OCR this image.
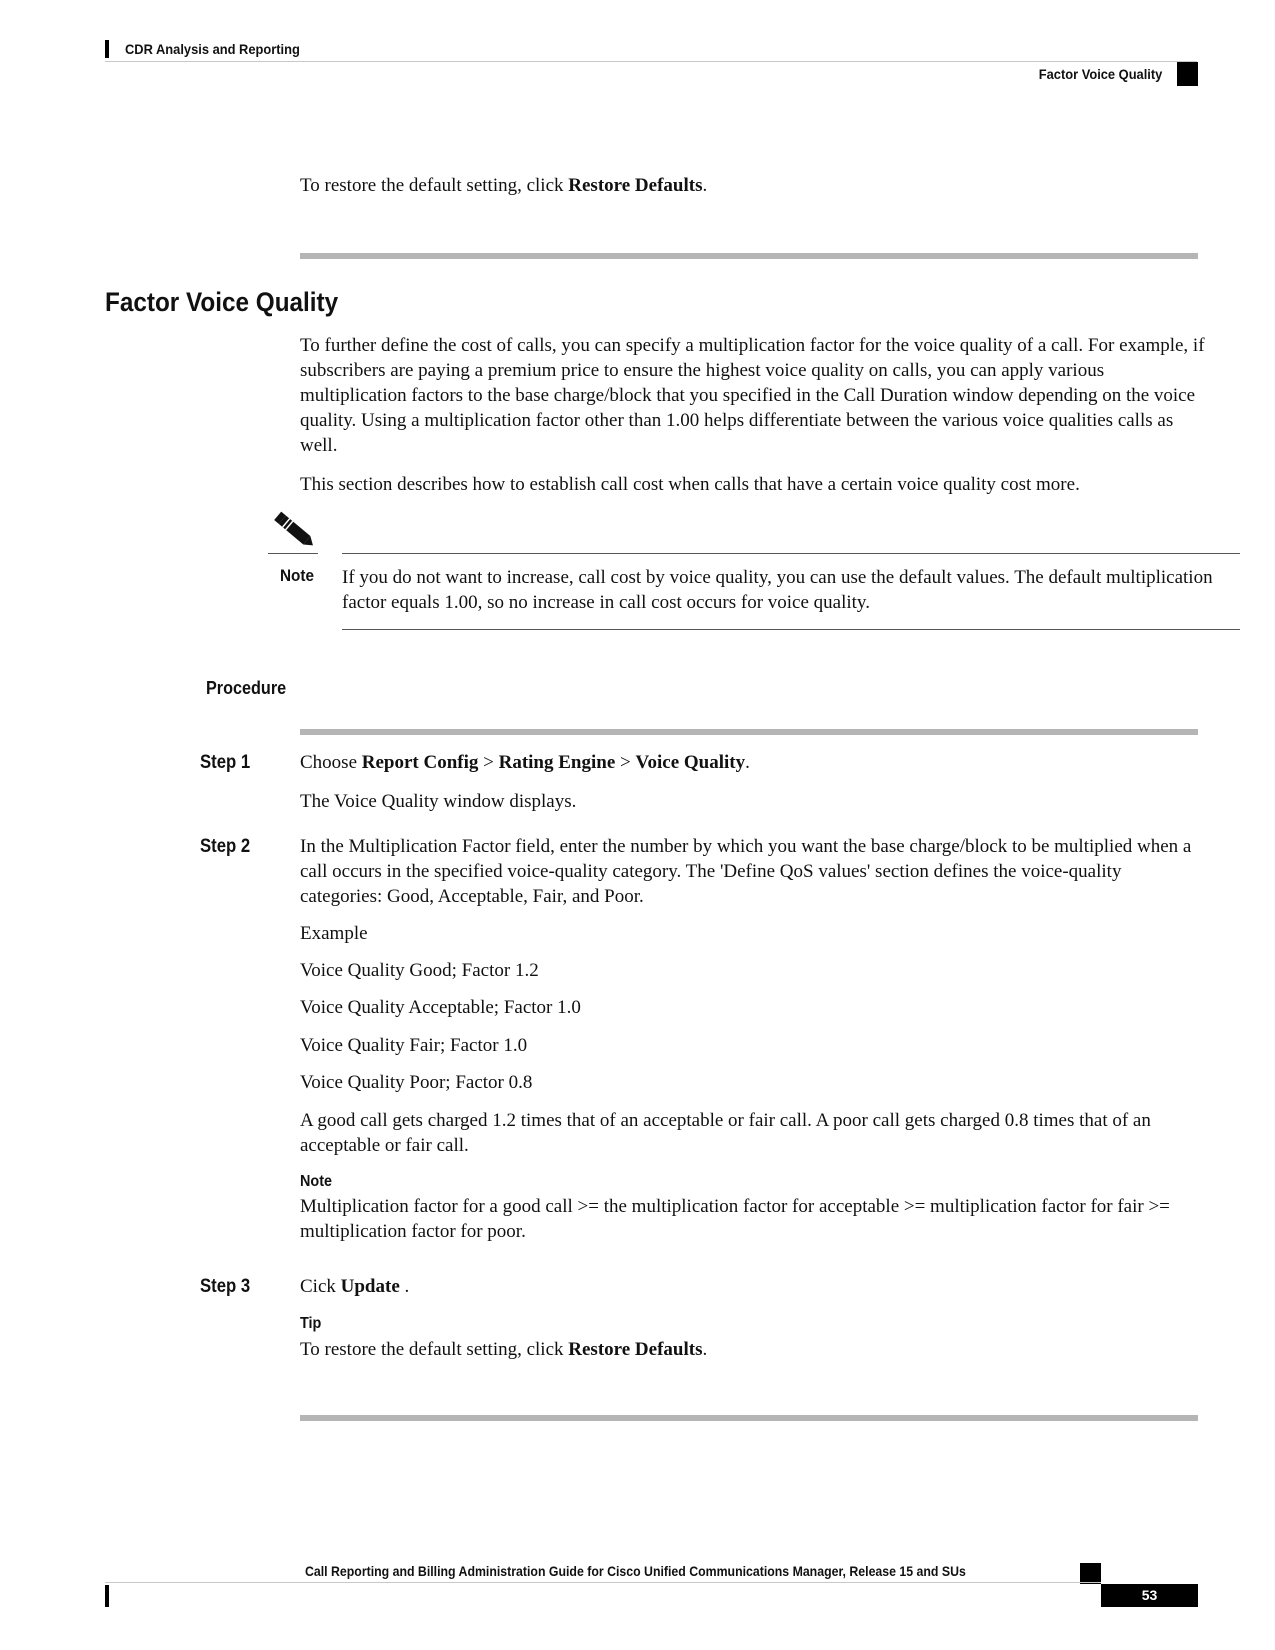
CDR Analysis and Reporting
Factor Voice Quality
To restore the default setting, click Restore Defaults.
Factor Voice Quality
To further define the cost of calls, you can specify a multiplication factor for the voice quality of a call. For example, if subscribers are paying a premium price to ensure the highest voice quality on calls, you can apply various multiplication factors to the base charge/block that you specified in the Call Duration window depending on the voice quality. Using a multiplication factor other than 1.00 helps differentiate between the various voice qualities calls as well.
This section describes how to establish call cost when calls that have a certain voice quality cost more.
Note If you do not want to increase, call cost by voice quality, you can use the default values. The default multiplication factor equals 1.00, so no increase in call cost occurs for voice quality.
Procedure
Step 1	Choose Report Config > Rating Engine > Voice Quality.
The Voice Quality window displays.
Step 2	In the Multiplication Factor field, enter the number by which you want the base charge/block to be multiplied when a call occurs in the specified voice-quality category. The 'Define QoS values' section defines the voice-quality categories: Good, Acceptable, Fair, and Poor.
Example
Voice Quality Good; Factor 1.2
Voice Quality Acceptable; Factor 1.0
Voice Quality Fair; Factor 1.0
Voice Quality Poor; Factor 0.8
A good call gets charged 1.2 times that of an acceptable or fair call. A poor call gets charged 0.8 times that of an acceptable or fair call.
Note
Multiplication factor for a good call >= the multiplication factor for acceptable >= multiplication factor for fair >= multiplication factor for poor.
Step 3	Cick Update .
Tip
To restore the default setting, click Restore Defaults.
Call Reporting and Billing Administration Guide for Cisco Unified Communications Manager, Release 15 and SUs
53
